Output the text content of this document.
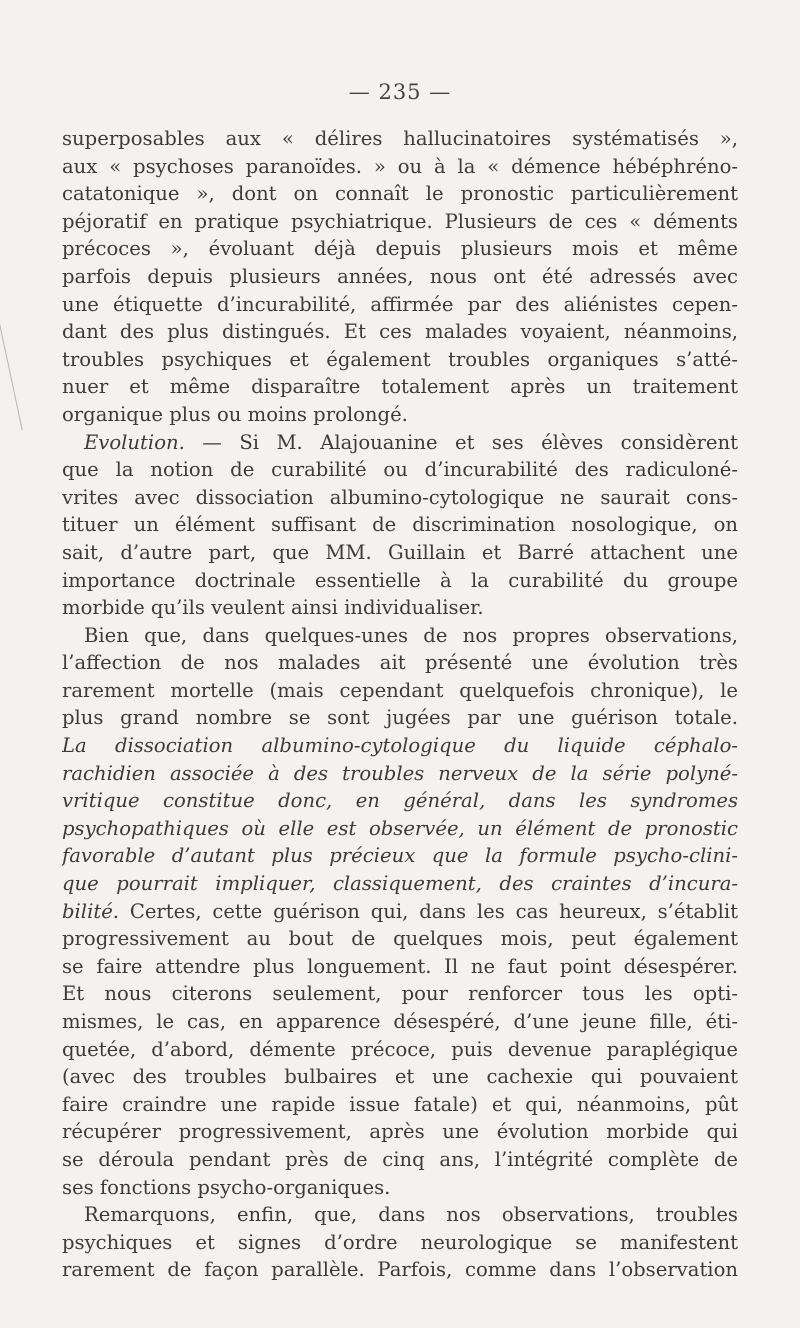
— 235 —
superposables aux « délires hallucinatoires systématisés »,
aux « psychoses paranoïdes. » ou à la « démence hébéphréno-
catatonique », dont on connaît le pronostic particulièrement
péjoratif en pratique psychiatrique. Plusieurs de ces « déments
précoces », évoluant déjà depuis plusieurs mois et même
parfois depuis plusieurs années, nous ont été adressés avec
une étiquette d’incurabilité, affirmée par des aliénistes cepen-
dant des plus distingués. Et ces malades voyaient, néanmoins,
troubles psychiques et également troubles organiques s’atté-
nuer et même disparaître totalement après un traitement
organique plus ou moins prolongé.
Evolution. — Si M. Alajouanine et ses élèves considèrent
que la notion de curabilité ou d’incurabilité des radiculoné-
vrites avec dissociation albumino-cytologique ne saurait cons-
tituer un élément suffisant de discrimination nosologique, on
sait, d’autre part, que MM. Guillain et Barré attachent une
importance doctrinale essentielle à la curabilité du groupe
morbide qu’ils veulent ainsi individualiser.
Bien que, dans quelques-unes de nos propres observations,
l’affection de nos malades ait présenté une évolution très
rarement mortelle (mais cependant quelquefois chronique), le
plus grand nombre se sont jugées par une guérison totale.
La dissociation albumino-cytologique du liquide céphalo-
rachidien associée à des troubles nerveux de la série polyné-
vritique constitue donc, en général, dans les syndromes
psychopathiques où elle est observée, un élément de pronostic
favorable d’autant plus précieux que la formule psycho-clini-
que pourrait impliquer, classiquement, des craintes d’incura-
bilité. Certes, cette guérison qui, dans les cas heureux, s’établit
progressivement au bout de quelques mois, peut également
se faire attendre plus longuement. Il ne faut point désespérer.
Et nous citerons seulement, pour renforcer tous les opti-
mismes, le cas, en apparence désespéré, d’une jeune fille, éti-
quetée, d’abord, démente précoce, puis devenue paraplégique
(avec des troubles bulbaires et une cachexie qui pouvaient
faire craindre une rapide issue fatale) et qui, néanmoins, pût
récupérer progressivement, après une évolution morbide qui
se déroula pendant près de cinq ans, l’intégrité complète de
ses fonctions psycho-organiques.
Remarquons, enfin, que, dans nos observations, troubles
psychiques et signes d’ordre neurologique se manifestent
rarement de façon parallèle. Parfois, comme dans l’observation
